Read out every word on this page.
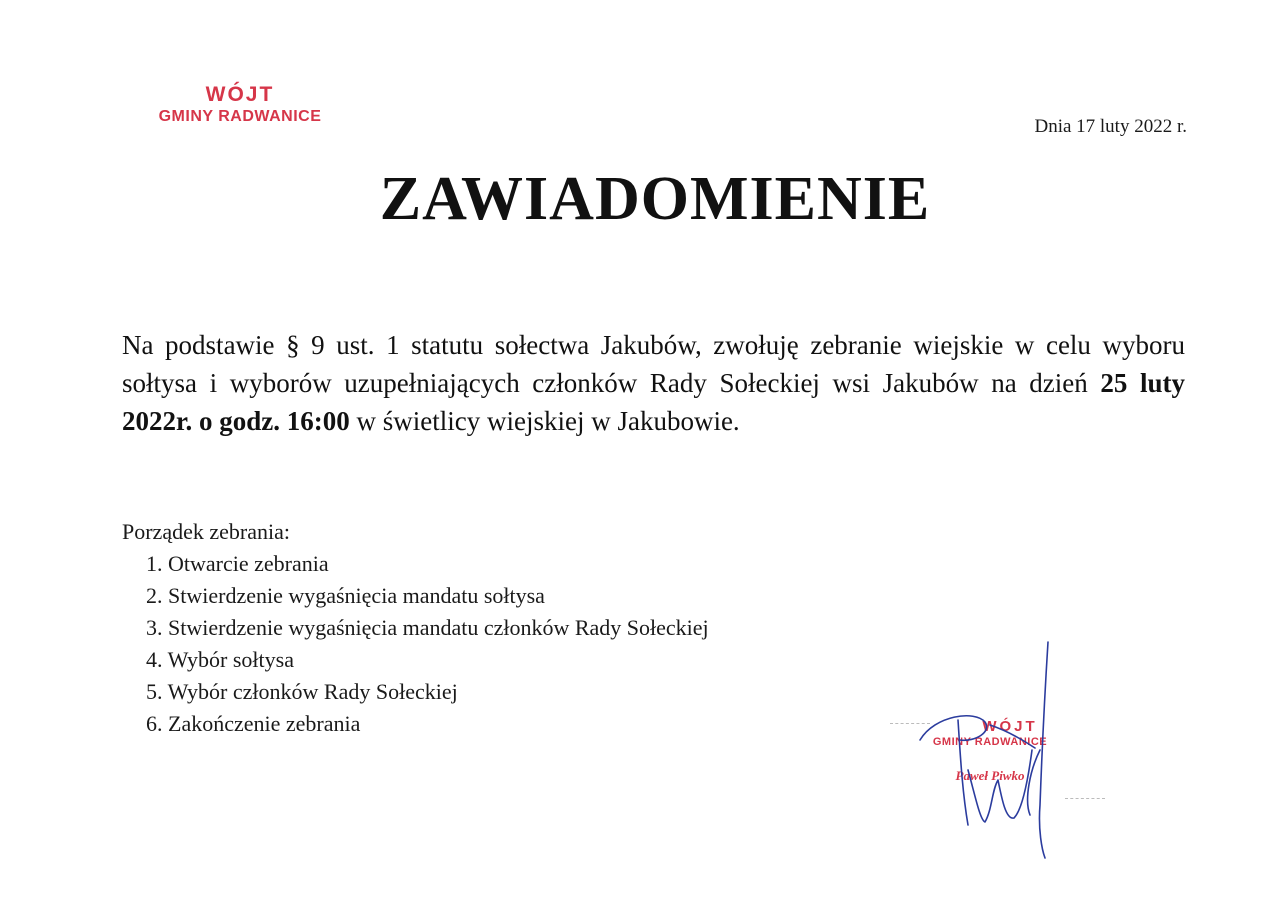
WÓJT
GMINY RADWANICE	Dnia 17 luty 2022 r.
ZAWIADOMIENIE
Na podstawie § 9 ust. 1 statutu sołectwa Jakubów, zwołuję zebranie wiejskie w celu wyboru sołtysa i wyborów uzupełniających członków Rady Sołeckiej wsi Jakubów na dzień 25 luty 2022r. o godz. 16:00 w świetlicy wiejskiej w Jakubowie.
Porządek zebrania:
1. Otwarcie zebrania
2. Stwierdzenie wygaśnięcia mandatu sołtysa
3. Stwierdzenie wygaśnięcia mandatu członków Rady Sołeckiej
4. Wybór sołtysa
5. Wybór członków Rady Sołeckiej
6. Zakończenie zebrania	WÓJT
GMINY RADWANICE
Paweł Piwko
